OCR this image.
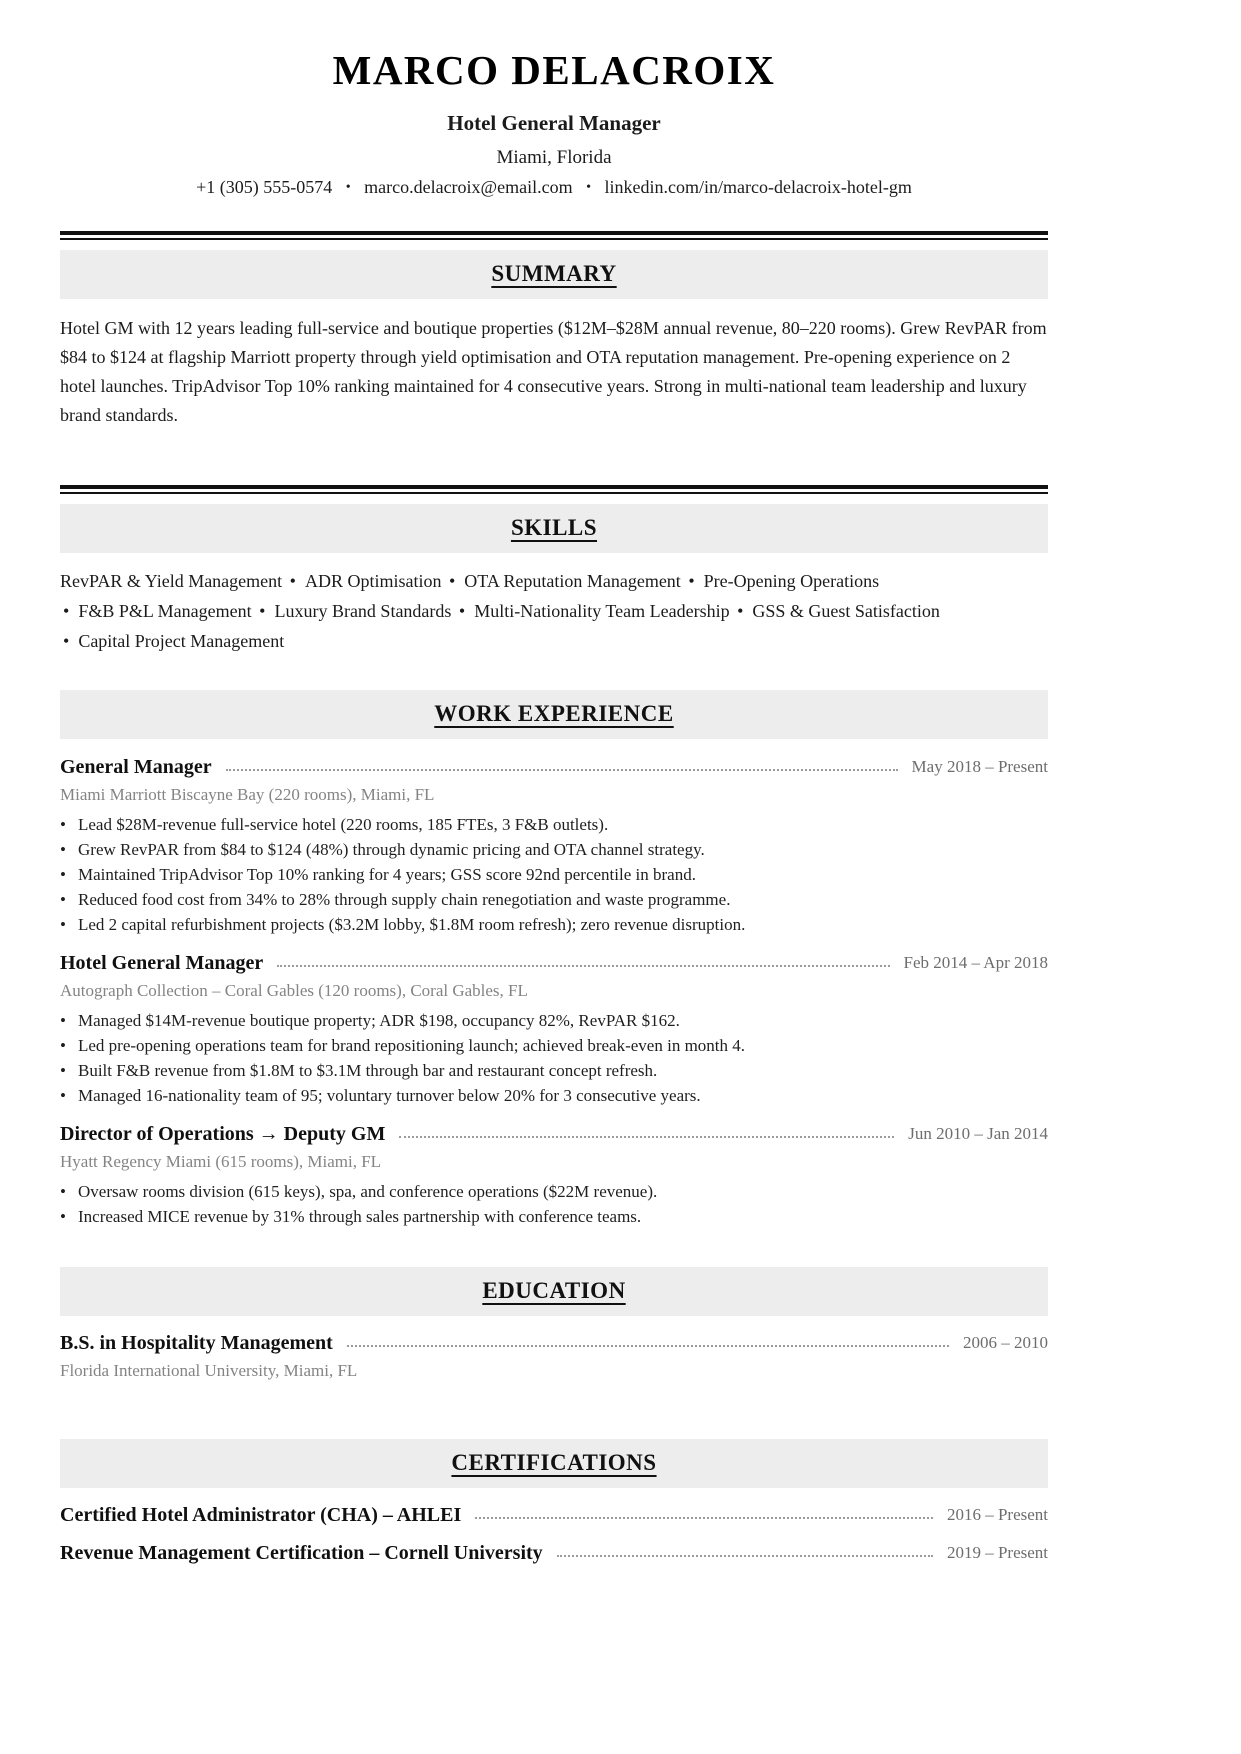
MARCO DELACROIX
Hotel General Manager
Miami, Florida
+1 (305) 555-0574 • marco.delacroix@email.com • linkedin.com/in/marco-delacroix-hotel-gm
SUMMARY

Hotel GM with 12 years leading full-service and boutique properties ($12M–$28M annual revenue, 80–220 rooms). Grew RevPAR from $84 to $124 at flagship Marriott property through yield optimisation and OTA reputation management. Pre-opening experience on 2 hotel launches. TripAdvisor Top 10% ranking maintained for 4 consecutive years. Strong in multi-national team leadership and luxury brand standards.

SKILLS
RevPAR & Yield Management • ADR Optimisation • OTA Reputation Management • Pre-Opening Operations • F&B P&L Management • Luxury Brand Standards • Multi-Nationality Team Leadership • GSS & Guest Satisfaction • Capital Project Management
WORK EXPERIENCE
General Manager	May 2018 – Present
Miami Marriott Biscayne Bay (220 rooms), Miami, FL
• Lead $28M-revenue full-service hotel (220 rooms, 185 FTEs, 3 F&B outlets).
• Grew RevPAR from $84 to $124 (48%) through dynamic pricing and OTA channel strategy.
• Maintained TripAdvisor Top 10% ranking for 4 years; GSS score 92nd percentile in brand.
• Reduced food cost from 34% to 28% through supply chain renegotiation and waste programme.
• Led 2 capital refurbishment projects ($3.2M lobby, $1.8M room refresh); zero revenue disruption.
Hotel General Manager	Feb 2014 – Apr 2018
Autograph Collection – Coral Gables (120 rooms), Coral Gables, FL
• Managed $14M-revenue boutique property; ADR $198, occupancy 82%, RevPAR $162.
• Led pre-opening operations team for brand repositioning launch; achieved break-even in month 4.
• Built F&B revenue from $1.8M to $3.1M through bar and restaurant concept refresh.
• Managed 16-nationality team of 95; voluntary turnover below 20% for 3 consecutive years.
Director of Operations → Deputy GM	Jun 2010 – Jan 2014
Hyatt Regency Miami (615 rooms), Miami, FL
• Oversaw rooms division (615 keys), spa, and conference operations ($22M revenue).
• Increased MICE revenue by 31% through sales partnership with conference teams.
EDUCATION
B.S. in Hospitality Management	2006 – 2010
Florida International University, Miami, FL
CERTIFICATIONS
Certified Hotel Administrator (CHA) – AHLEI	2016 – Present
Revenue Management Certification – Cornell University	2019 – Present
